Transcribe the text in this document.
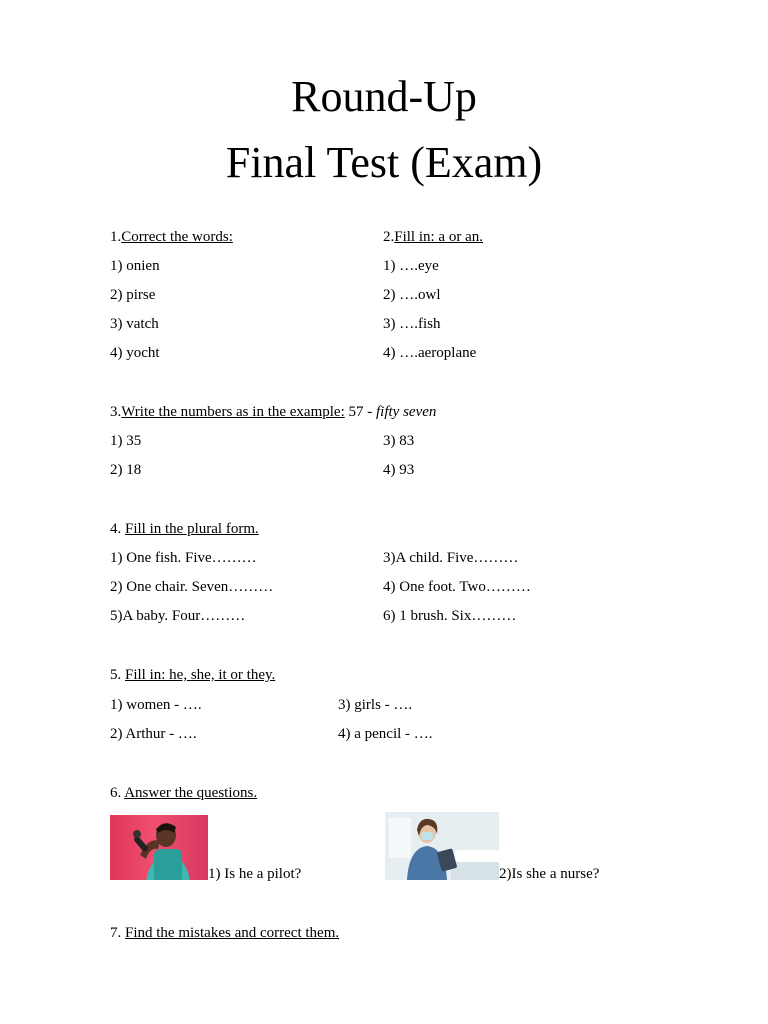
Round-Up
Final Test (Exam)
1.Correct the words:
1) onien
2) pirse
3) vatch
4) yocht
2.Fill in: a or an.
1) ….eye
2) ….owl
3) ….fish
4) ….aeroplane
3.Write the numbers as in the example: 57 - fifty seven
1) 35
2) 18
3) 83
4) 93
4. Fill in the plural form.
1) One fish. Five………
2) One chair. Seven………
5)A baby. Four………
3)A child. Five………
4) One foot. Two………
6) 1 brush. Six………
5. Fill in: he, she, it or they.
1) women - ….
2) Arthur - ….
3) girls - ….
4) a pencil - ….
6. Answer the questions.
1) Is he a pilot?	2)Is she a nurse?
7. Find the mistakes and correct them.
